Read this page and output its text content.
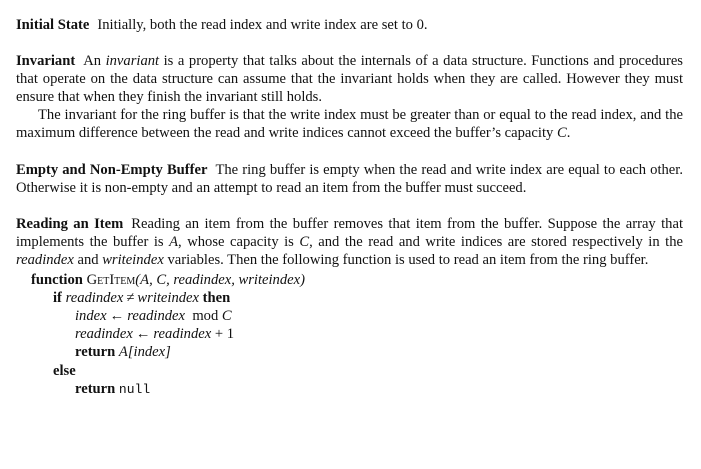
Initial State Initially, both the read index and write index are set to 0.

Invariant An invariant is a property that talks about the internals of a data structure. Functions and procedures that operate on the data structure can assume that the invariant holds when they are called. However they must ensure that when they finish the invariant still holds.

The invariant for the ring buffer is that the write index must be greater than or equal to the read index, and the maximum difference between the read and write indices cannot exceed the buffer’s capacity C.

Empty and Non-Empty Buffer The ring buffer is empty when the read and write index are equal to each other. Otherwise it is non-empty and an attempt to read an item from the buffer must succeed.

Reading an Item Reading an item from the buffer removes that item from the buffer. Suppose the array that implements the buffer is A, whose capacity is C, and the read and write indices are stored respectively in the readindex and writeindex variables. Then the following function is used to read an item from the ring buffer.

function GetItem(A, C, readindex, writeindex)
if readindex ≠ writeindex then
index ← readindex mod C
readindex ← readindex + 1
return A[index]
else
return null
